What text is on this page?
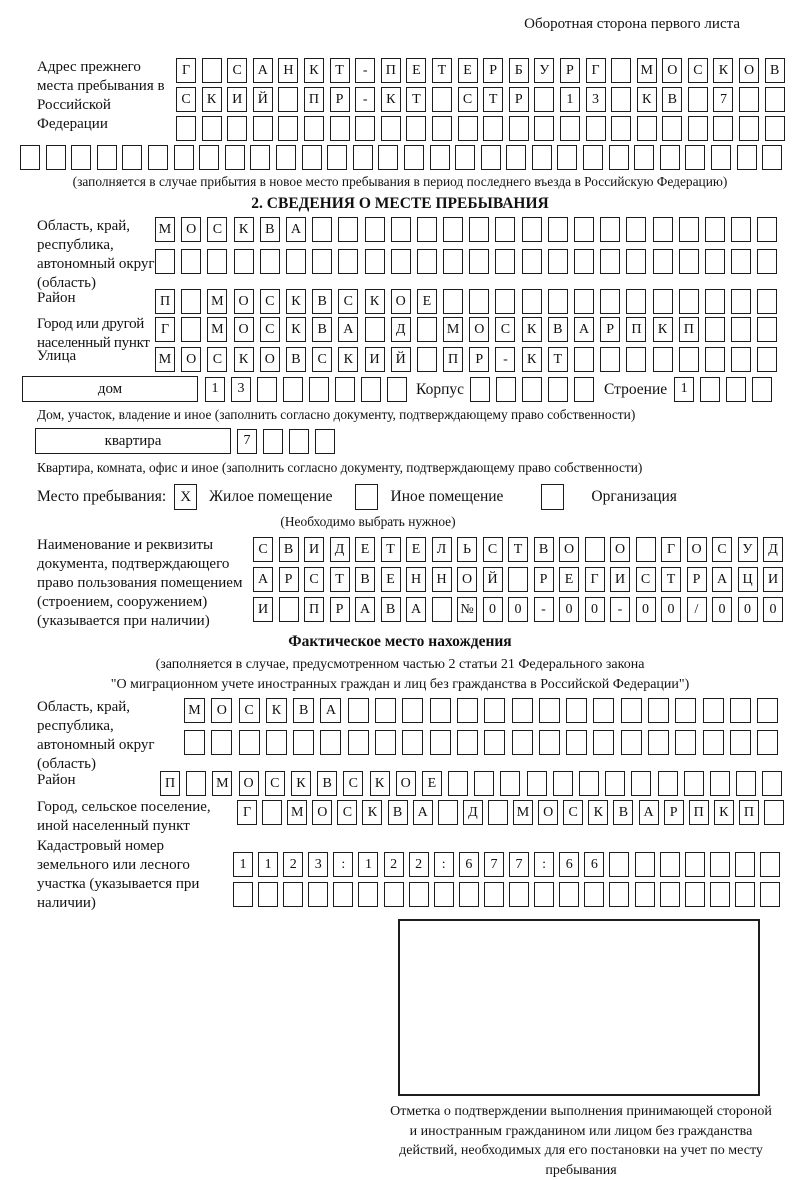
Оборотная сторона первого листа
Адрес прежнего места пребывания в Российской Федерации
Г	С	А	Н	К	Т	-	П	Е	Т	Е	Р	Б	У	Р	Г	М	О	С	К	О	В
С	К	И	Й	П	Р	-	К	Т	С	Т	Р	1	3	К	В	7
(заполняется в случае прибытия в новое место пребывания в период последнего въезда в Российскую Федерацию)
2. СВЕДЕНИЯ О МЕСТЕ ПРЕБЫВАНИЯ
Область, край, республика, автономный округ (область)
М	О	С	К	В	А
Район	П	М	О	С	К	В	С	К	О	Е
Город или другой населенный пункт
Г	М	О	С	К	В	А	Д	М	О	С	К	В	А	Р	П	К	П
Улица	М	О	С	К	О	В	С	К	И	Й	П	Р	-	К	Т
дом	1	3	Корпус	Строение 1
Дом, участок, владение и иное (заполнить согласно документу, подтверждающему право собственности)
квартира	7
Квартира, комната, офис и иное (заполнить согласно документу, подтверждающему право собственности)
Место пребывания: X	Жилое помещение	Иное помещение	Организация
(Необходимо выбрать нужное)
Наименование и реквизиты документа, подтверждающего право пользования помещением (строением, сооружением) (указывается при наличии)
С	В	И	Д	Е	Т	Е	Л	Ь	С	Т	В	О	О	Г	О	С	У	Д
А	Р	С	Т	В	Е	Н	Н	О	Й	Р	Е	Г	И	С	Т	Р	А	Ц	И
И	П	Р	А	В	А	№	0	0	-	0	0	-	0	0	/	0	0	0
Фактическое место нахождения
(заполняется в случае, предусмотренном частью 2 статьи 21 Федерального закона
"О миграционном учете иностранных граждан и лиц без гражданства в Российской Федерации")
Область, край, республика, автономный округ (область)
М	О	С	К	В	А
Район	П	М	О	С	К	В	С	К	О	Е
Город, сельское поселение, иной населенный пункт
Г	М О	С	К	В	А	Д	М О	С	К	В	А	Р	П	К	П
Кадастровый номер земельного или лесного участка (указывается при наличии)
1	1	2	3	:	1	2	2	:	6	7	7	:	6	6
Отметка о подтверждении выполнения принимающей стороной и иностранным гражданином или лицом без гражданства действий, необходимых для его постановки на учет по месту пребывания
